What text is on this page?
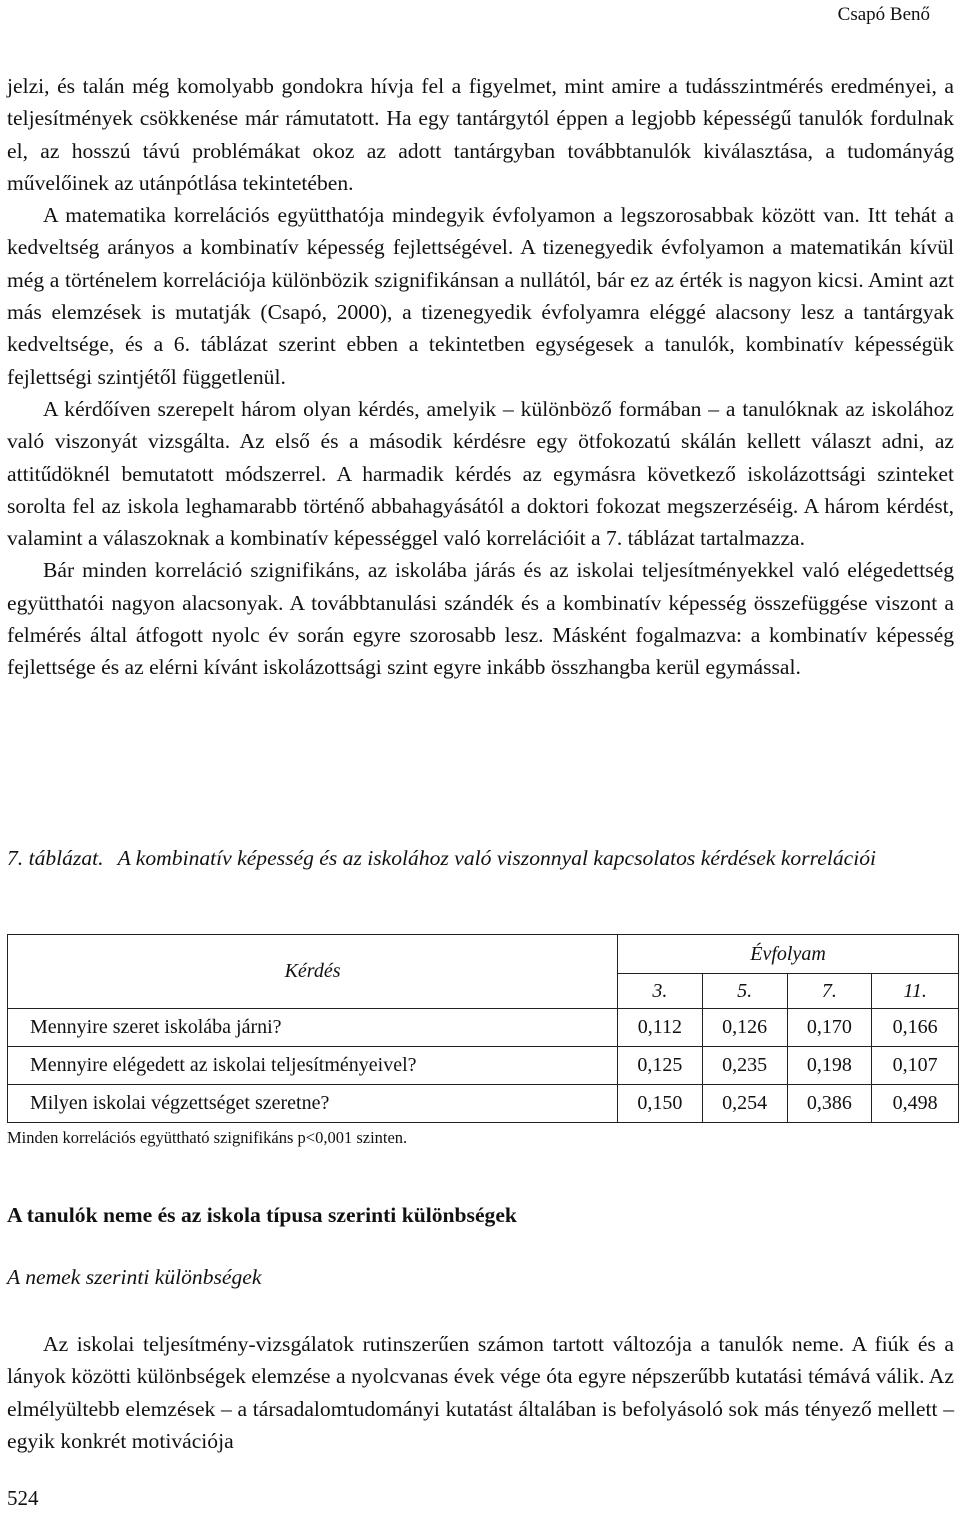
Csapó Benő

jelzi, és talán még komolyabb gondokra hívja fel a figyelmet, mint amire a tudásszintmérés eredményei, a teljesítmények csökkenése már rámutatott. Ha egy tantárgytól éppen a legjobb képességű tanulók fordulnak el, az hosszú távú problémákat okoz az adott tantárgyban továbbtanulók kiválasztása, a tudományág művelőinek az utánpótlása tekintetében.

A matematika korrelációs együtthatója mindegyik évfolyamon a legszorosabbak között van. Itt tehát a kedveltség arányos a kombinatív képesség fejlettségével. A tizenegyedik évfolyamon a matematikán kívül még a történelem korrelációja különbözik szignifikánsan a nullától, bár ez az érték is nagyon kicsi. Amint azt más elemzések is mutatják (Csapó, 2000), a tizenegyedik évfolyamra eléggé alacsony lesz a tantárgyak kedveltsége, és a 6. táblázat szerint ebben a tekintetben egységesek a tanulók, kombinatív képességük fejlettségi szintjétől függetlenül.

A kérdőíven szerepelt három olyan kérdés, amelyik – különböző formában – a tanulóknak az iskolához való viszonyát vizsgálta. Az első és a második kérdésre egy ötfokozatú skálán kellett választ adni, az attitűdöknél bemutatott módszerrel. A harmadik kérdés az egymásra következő iskolázottsági szinteket sorolta fel az iskola leghamarabb történő abbahagyásától a doktori fokozat megszerzéséig. A három kérdést, valamint a válaszoknak a kombinatív képességgel való korrelációit a 7. táblázat tartalmazza.

Bár minden korreláció szignifikáns, az iskolába járás és az iskolai teljesítményekkel való elégedettség együtthatói nagyon alacsonyak. A továbbtanulási szándék és a kombinatív képesség összefüggése viszont a felmérés által átfogott nyolc év során egyre szorosabb lesz. Másként fogalmazva: a kombinatív képesség fejlettsége és az elérni kívánt iskolázottsági szint egyre inkább összhangba kerül egymással.

7. táblázat. A kombinatív képesség és az iskolához való viszonnyal kapcsolatos kérdések korrelációi
Kérdés	Évfolyam			
	3.	5.	7.	11.
Mennyire szeret iskolába járni?	0,112	0,126	0,170	0,166
Mennyire elégedett az iskolai teljesítményeivel?	0,125	0,235	0,198	0,107
Milyen iskolai végzettséget szeretne?	0,150	0,254	0,386	0,498
Minden korrelációs együttható szignifikáns p<0,001 szinten.
A tanulók neme és az iskola típusa szerinti különbségek
A nemek szerinti különbségek

Az iskolai teljesítmény-vizsgálatok rutinszerűen számon tartott változója a tanulók neme. A fiúk és a lányok közötti különbségek elemzése a nyolcvanas évek vége óta egyre népszerűbb kutatási témává válik. Az elmélyültebb elemzések – a társadalomtudományi kutatást általában is befolyásoló sok más tényező mellett – egyik konkrét motivációja

524
